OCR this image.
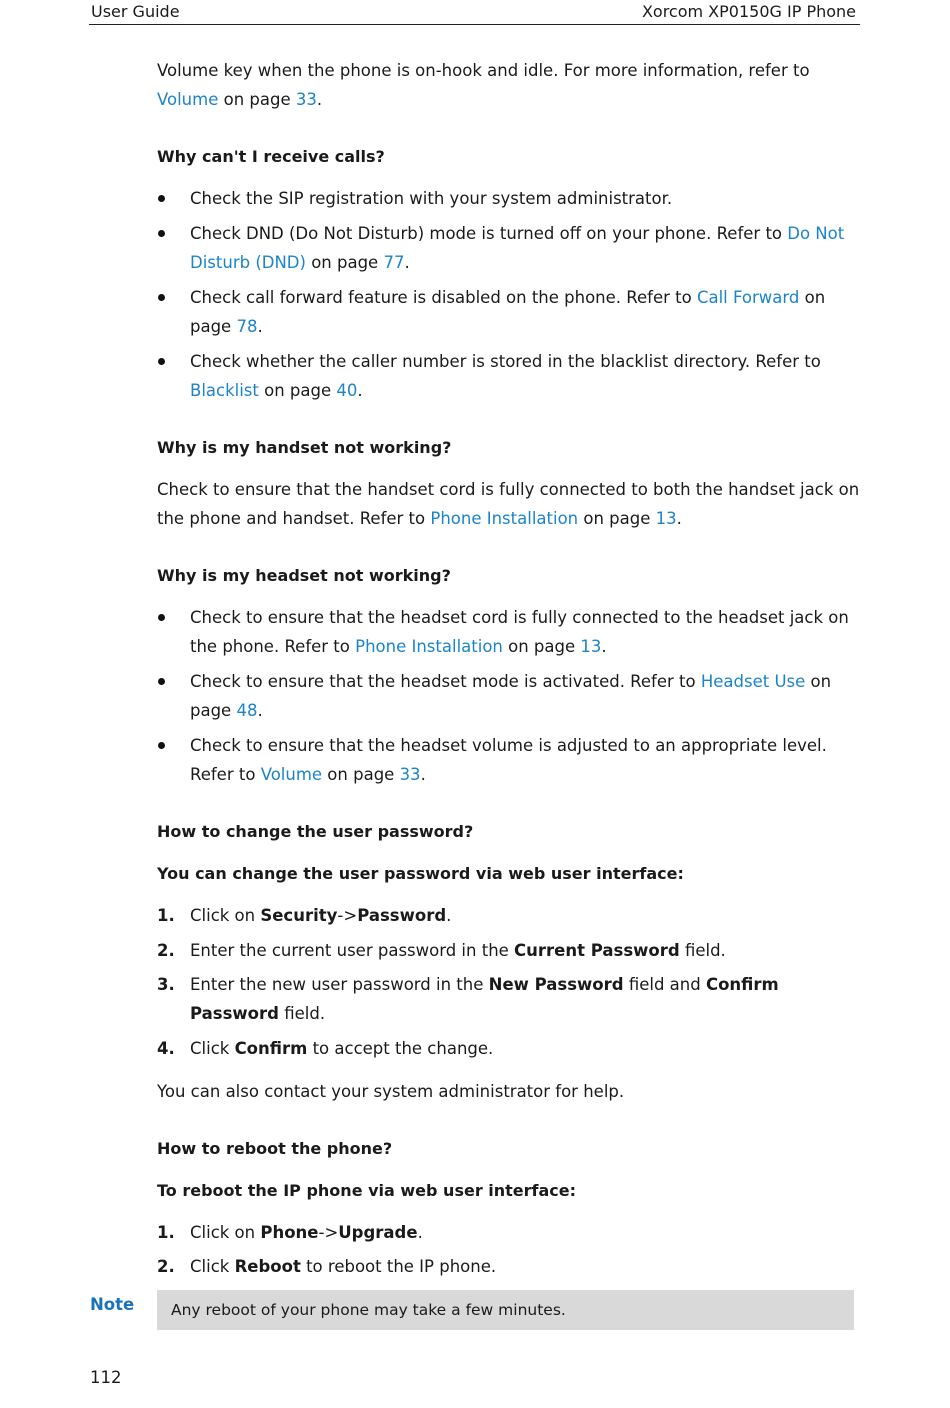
User Guide	Xorcom XP0150G IP Phone

Volume key when the phone is on-hook and idle. For more information, refer to Volume on page 33.

Why can't I receive calls?

Check the SIP registration with your system administrator.
Check DND (Do Not Disturb) mode is turned off on your phone. Refer to Do Not Disturb (DND) on page 77.
Check call forward feature is disabled on the phone. Refer to Call Forward on page 78.
Check whether the caller number is stored in the blacklist directory. Refer to Blacklist on page 40.

Why is my handset not working?

Check to ensure that the handset cord is fully connected to both the handset jack on the phone and handset. Refer to Phone Installation on page 13.

Why is my headset not working?

Check to ensure that the headset cord is fully connected to the headset jack on the phone. Refer to Phone Installation on page 13.
Check to ensure that the headset mode is activated. Refer to Headset Use on page 48.
Check to ensure that the headset volume is adjusted to an appropriate level. Refer to Volume on page 33.

How to change the user password?

You can change the user password via web user interface:

1. Click on Security->Password.
2. Enter the current user password in the Current Password field.
3. Enter the new user password in the New Password field and Confirm Password field.
4. Click Confirm to accept the change.

You can also contact your system administrator for help.

How to reboot the phone?

To reboot the IP phone via web user interface:

1. Click on Phone->Upgrade.
2. Click Reboot to reboot the IP phone.
Note	Any reboot of your phone may take a few minutes.
112
